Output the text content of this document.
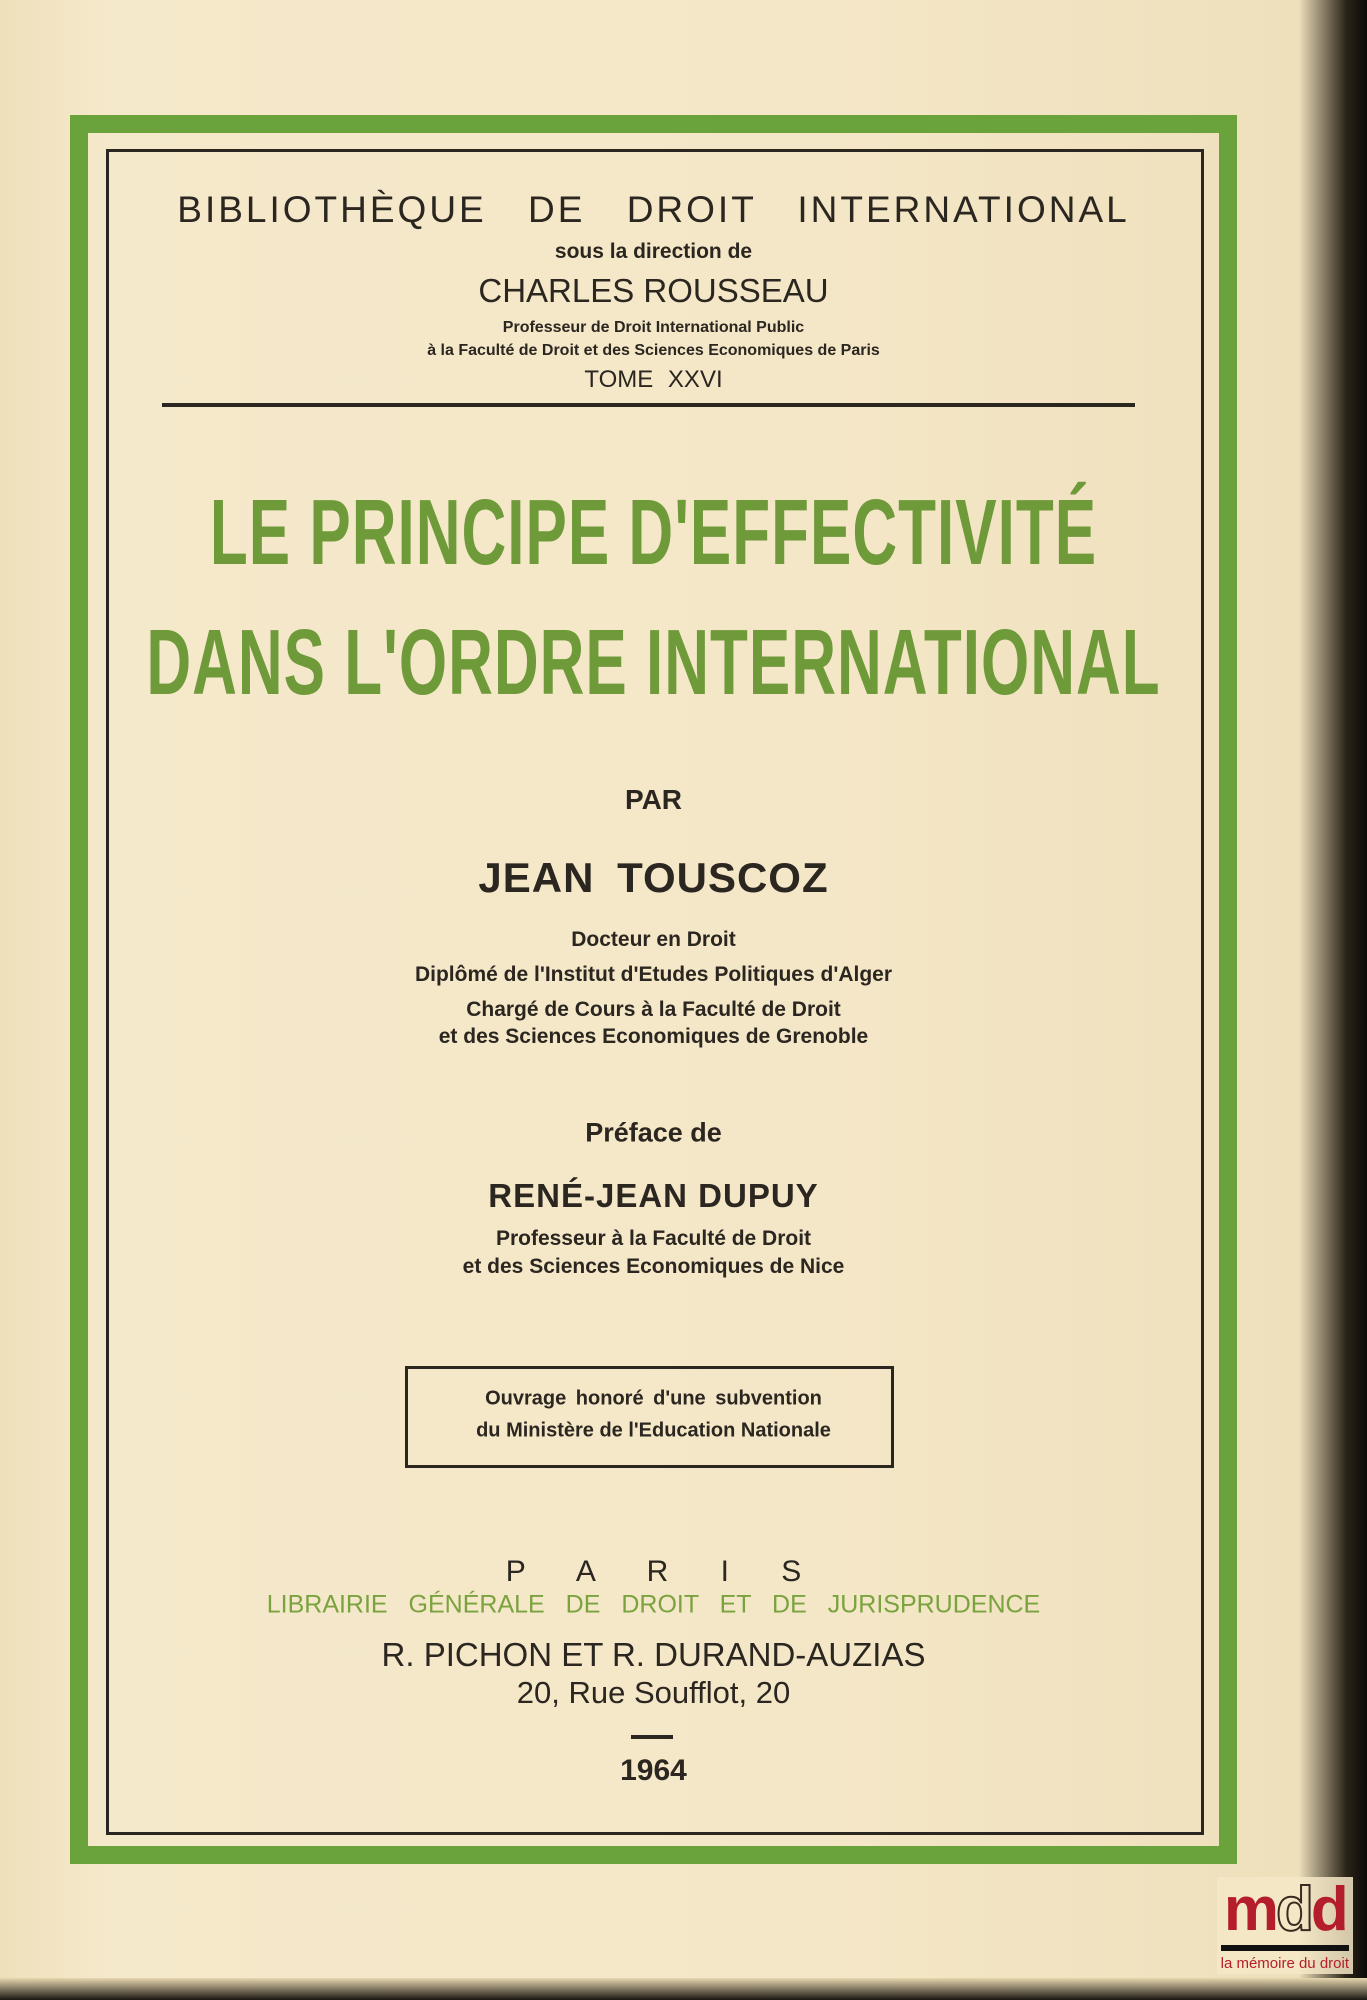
BIBLIOTHÈQUE DE DROIT INTERNATIONAL
sous la direction de
CHARLES ROUSSEAU
Professeur de Droit International Public
à la Faculté de Droit et des Sciences Economiques de Paris
TOME XXVI
LE PRINCIPE D'EFFECTIVITÉ
DANS L'ORDRE INTERNATIONAL
PAR
JEAN TOUSCOZ
Docteur en Droit
Diplômé de l'Institut d'Etudes Politiques d'Alger
Chargé de Cours à la Faculté de Droit
et des Sciences Economiques de Grenoble
Préface de
RENÉ-JEAN DUPUY
Professeur à la Faculté de Droit
et des Sciences Economiques de Nice
Ouvrage honoré d'une subvention
du Ministère de l'Education Nationale
P A R I S
LIBRAIRIE GÉNÉRALE DE DROIT ET DE JURISPRUDENCE
R. PICHON ET R. DURAND-AUZIAS
20, Rue Soufflot, 20
1964
mdd
la mémoire du droit
